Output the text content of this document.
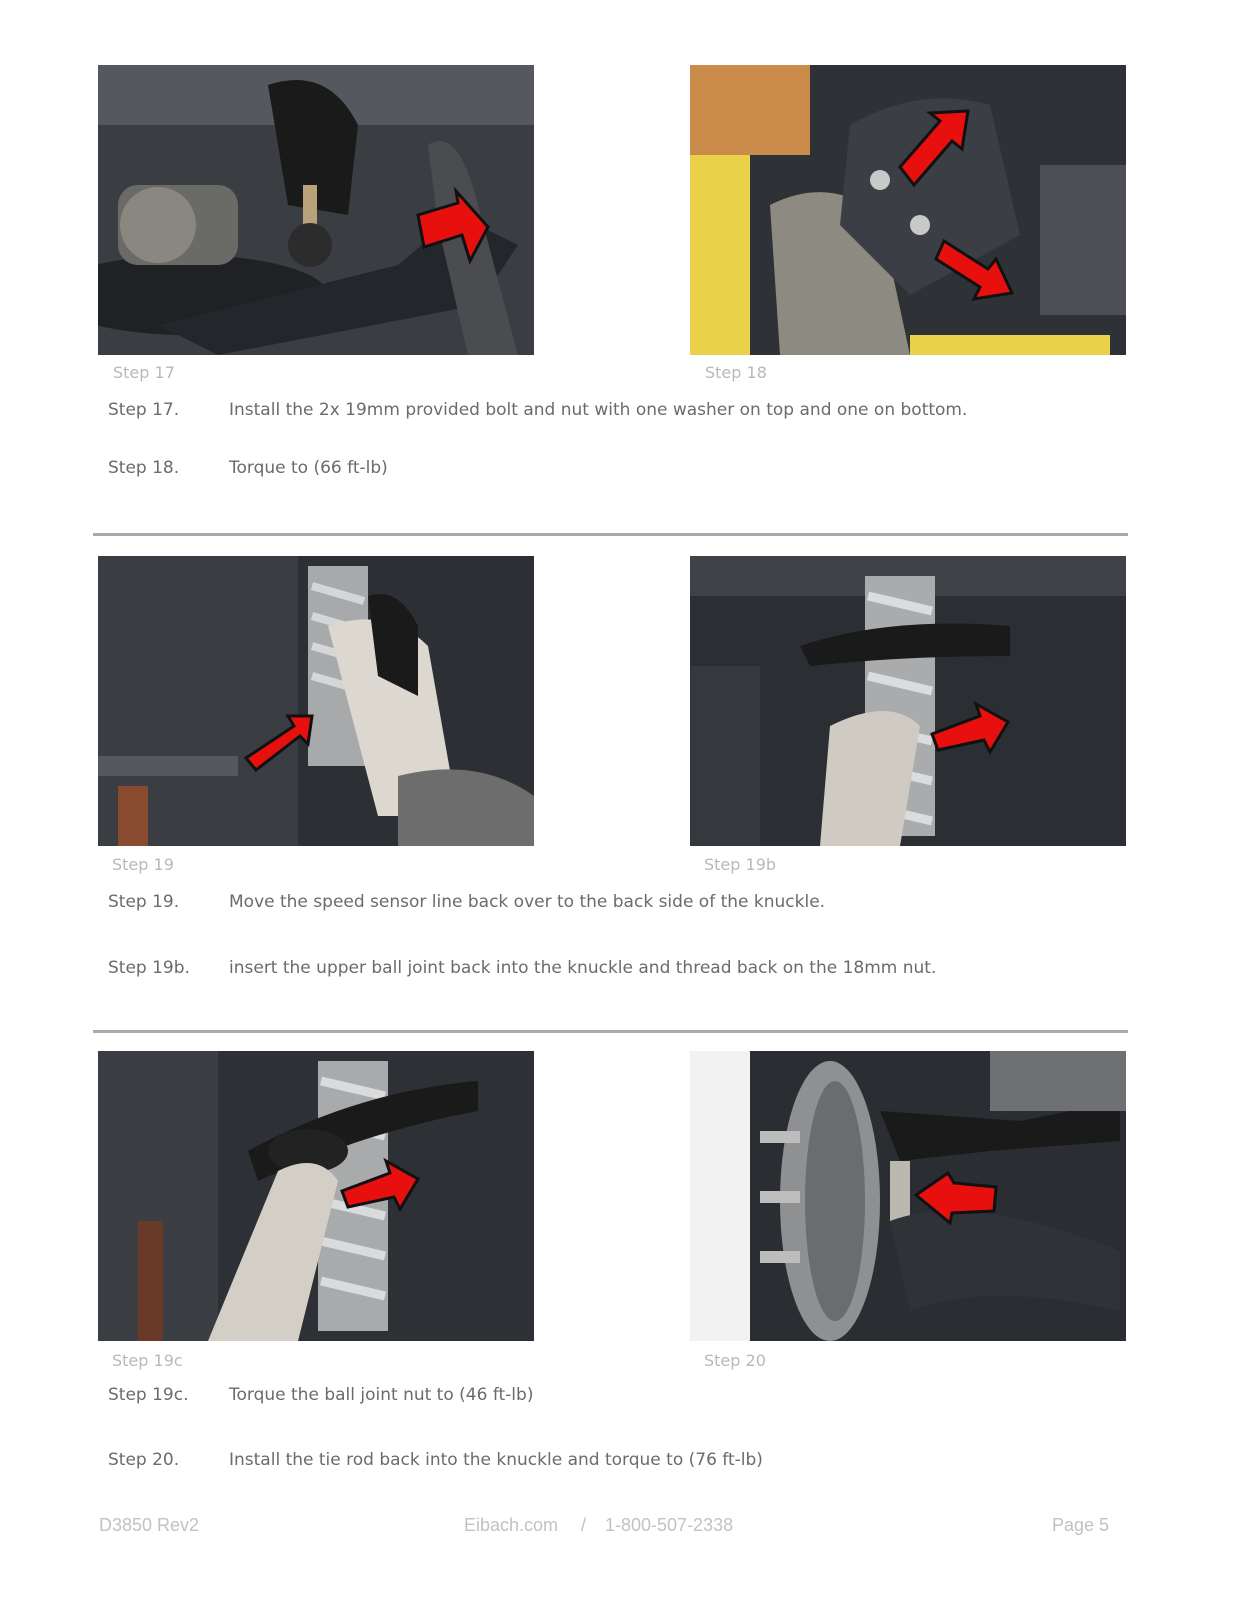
Step 17	Step 18
Step 17.	Install the 2x 19mm provided bolt and nut with one washer on top and one on bottom.
Step 18.	Torque to (66 ft-lb)
Step 19	Step 19b
Step 19.	Move the speed sensor line back over to the back side of the knuckle.
Step 19b. insert the upper ball joint back into the knuckle and thread back on the 18mm nut.
Step 19c	Step 20
Step 19c. Torque the ball joint nut to (46 ft-lb)
Step 20.	Install the tie rod back into the knuckle and torque to (76 ft-lb)
D3850 Rev2	Eibach.com / 1-800-507-2338	Page 5
